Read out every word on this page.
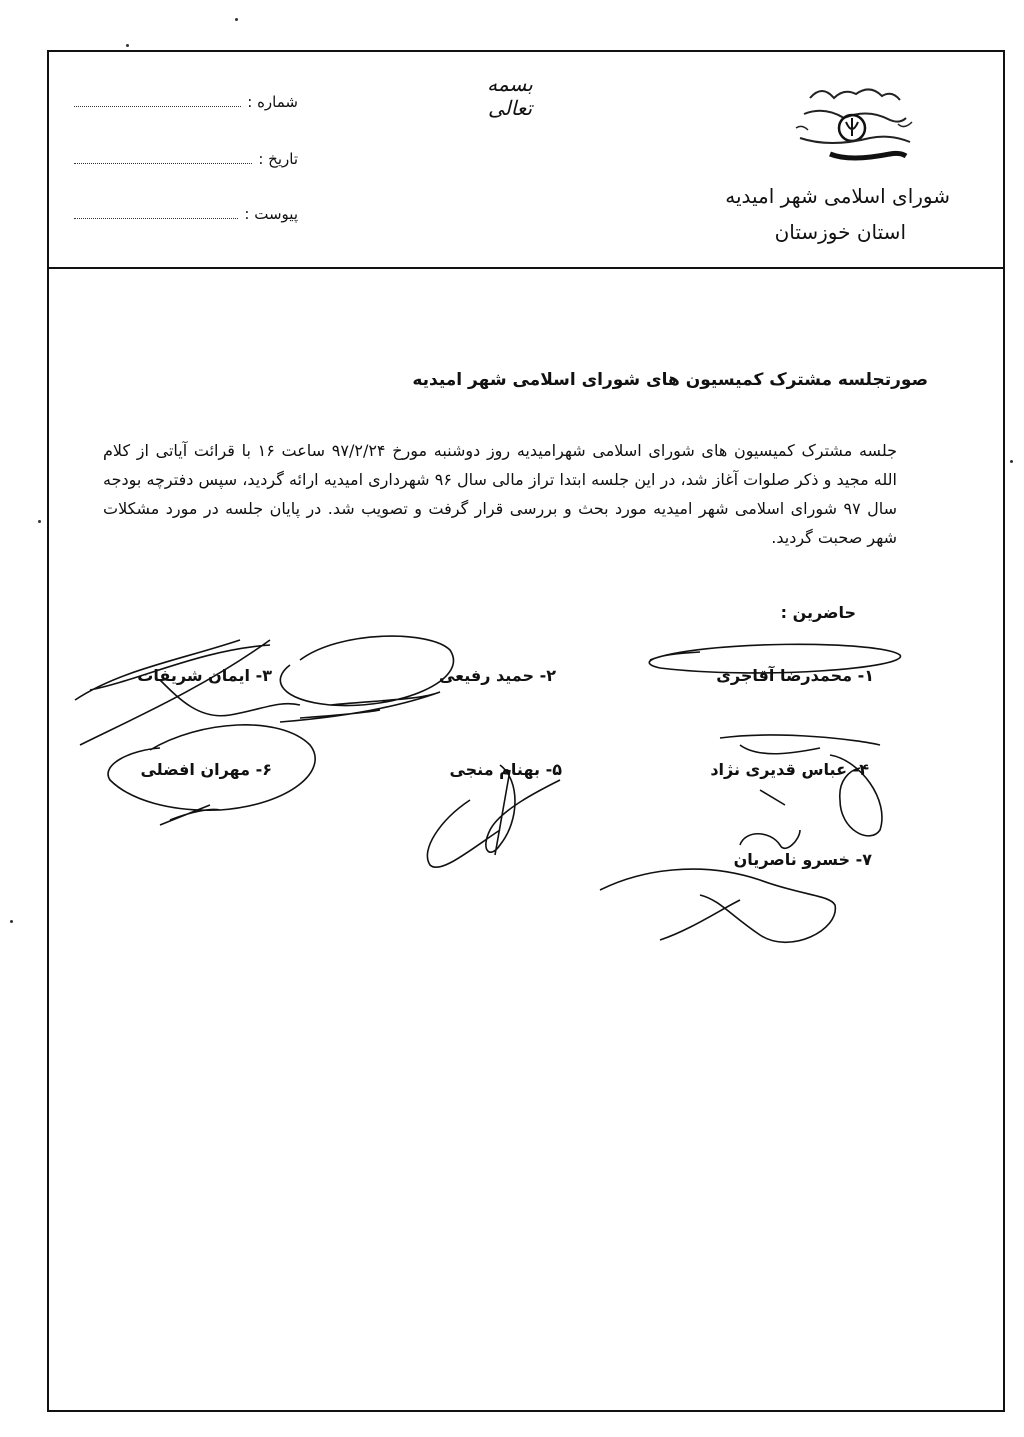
شماره :
تاریخ :
پیوست :
بسمه تعالی
شورای اسلامی شهر امیدیه
استان خوزستان
صورتجلسه مشترک کمیسیون های شورای اسلامی شهر امیدیه
جلسه مشترک کمیسیون های شورای اسلامی شهرامیدیه روز دوشنبه مورخ ۹۷/۲/۲۴ ساعت ۱۶ با قرائت آیاتی از کلام الله مجید و ذکر صلوات آغاز شد، در این جلسه ابتدا تراز مالی سال ۹۶ شهرداری امیدیه ارائه گردید، سپس دفترچه بودجه سال ۹۷ شورای اسلامی شهر امیدیه مورد بحث و بررسی قرار گرفت و تصویب شد. در پایان جلسه در مورد مشکلات شهر صحبت گردید.
حاضرین :
۱- محمدرضا آقاجری
۲- حمید رفیعی
۳- ایمان شریفات
۴- عباس قدیری نژاد
۵- بهنام منجی
۶- مهران افضلی
۷- خسرو ناصریان
